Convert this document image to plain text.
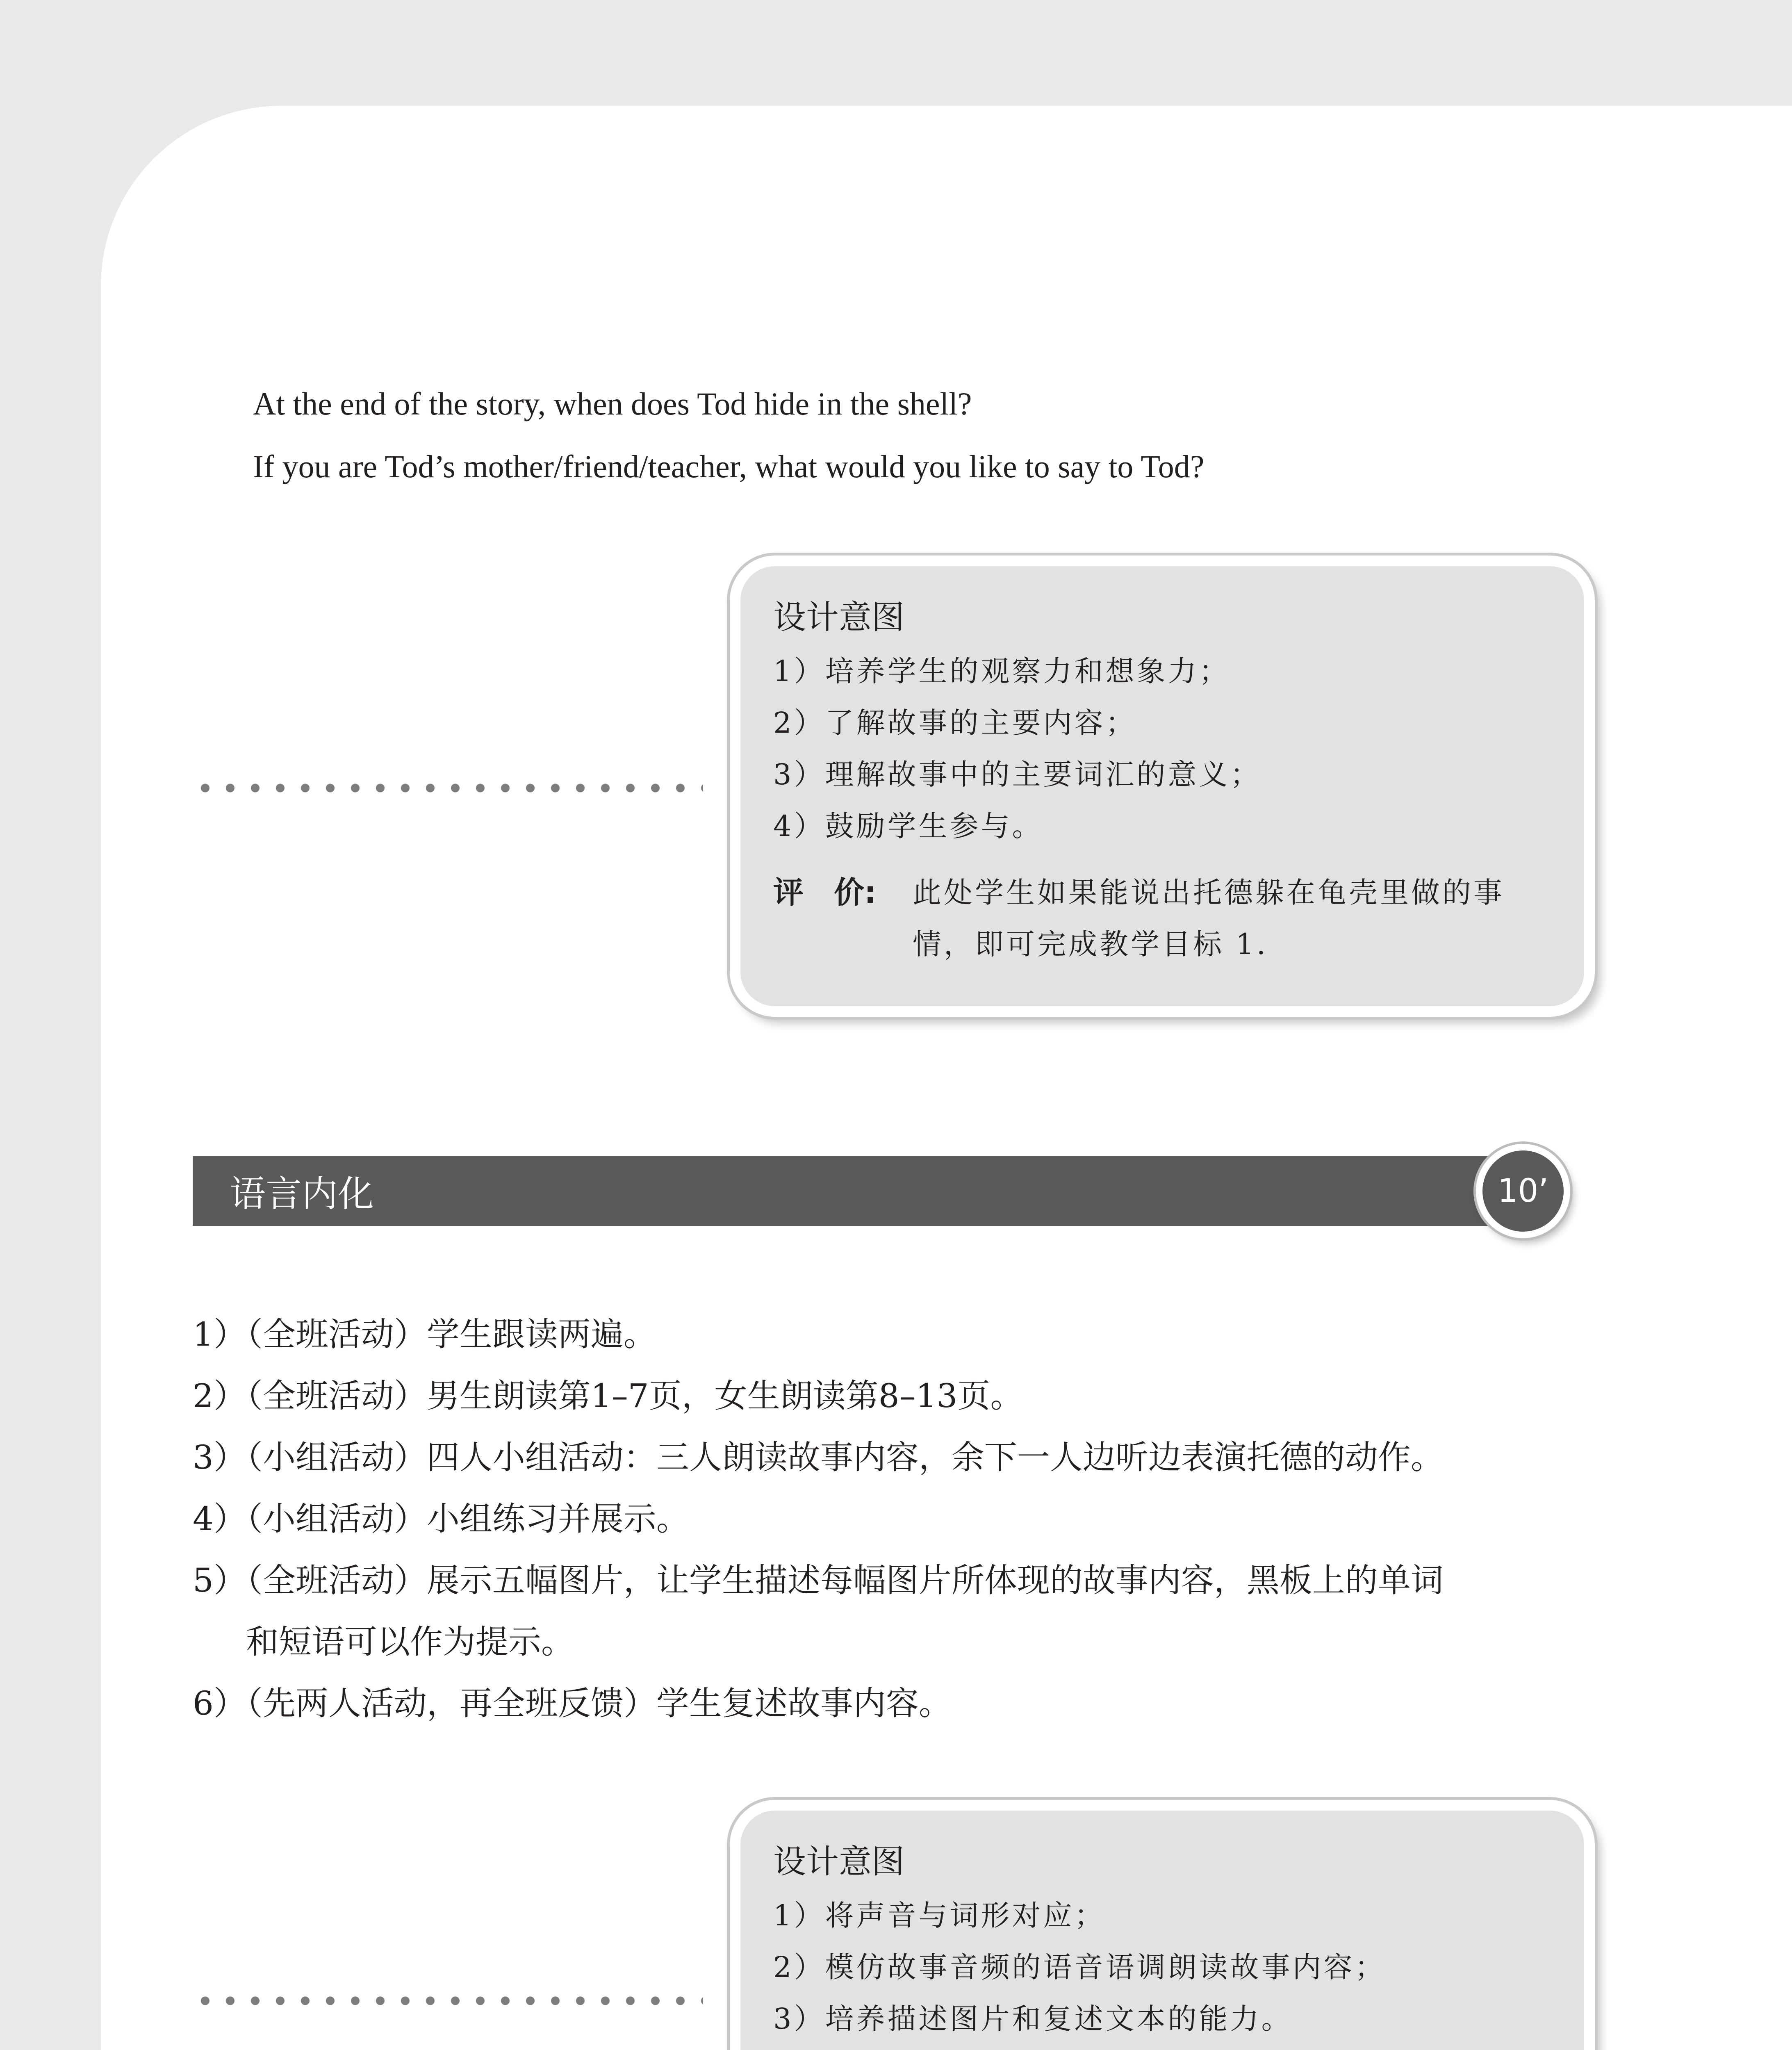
At the end of the story, when does Tod hide in the shell?
If you are Tod’s mother/friend/teacher, what would you like to say to Tod?
设计意图
1）培养学生的观察力和想象力；
2）了解故事的主要内容；
3）理解故事中的主要词汇的意义；
4）鼓励学生参与。
评　价:	此处学生如果能说出托德躲在龟壳里做的事情，即可完成教学目标 1.
语言内化	10’
1）（全班活动）学生跟读两遍。
2）（全班活动）男生朗读第1–7页，女生朗读第8–13页。
3）（小组活动）四人小组活动：三人朗读故事内容，余下一人边听边表演托德的动作。
4）（小组活动）小组练习并展示。
5）（全班活动）展示五幅图片，让学生描述每幅图片所体现的故事内容，黑板上的单词
和短语可以作为提示。
6）（先两人活动，再全班反馈）学生复述故事内容。
设计意图
1）将声音与词形对应；
2）模仿故事音频的语音语调朗读故事内容；
3）培养描述图片和复述文本的能力。
